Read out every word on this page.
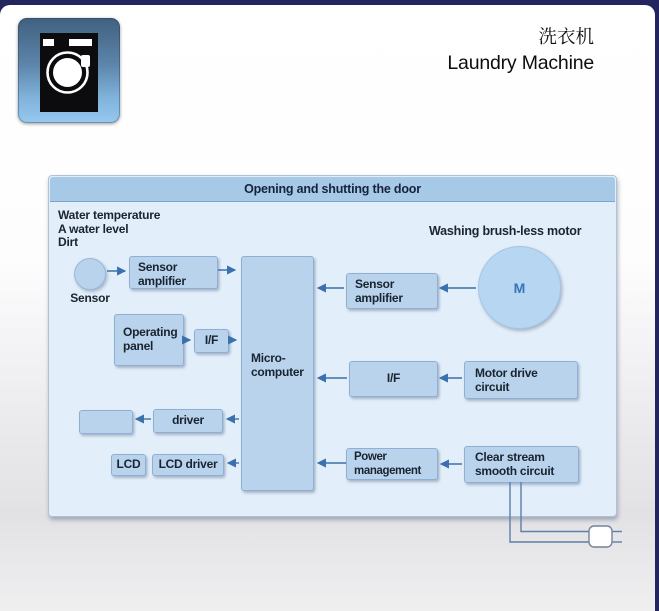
洗衣机
Laundry Machine
Opening and shutting the door
Water temperature
A water level
Dirt
Sensor
Sensor
amplifier
Operating
panel	I/F
Micro-
computer
driver
LCD	LCD driver
Washing brush-less motor
M
Sensor
amplifier
I/F	Motor drive
circuit
Power
management
Clear stream
smooth circuit
